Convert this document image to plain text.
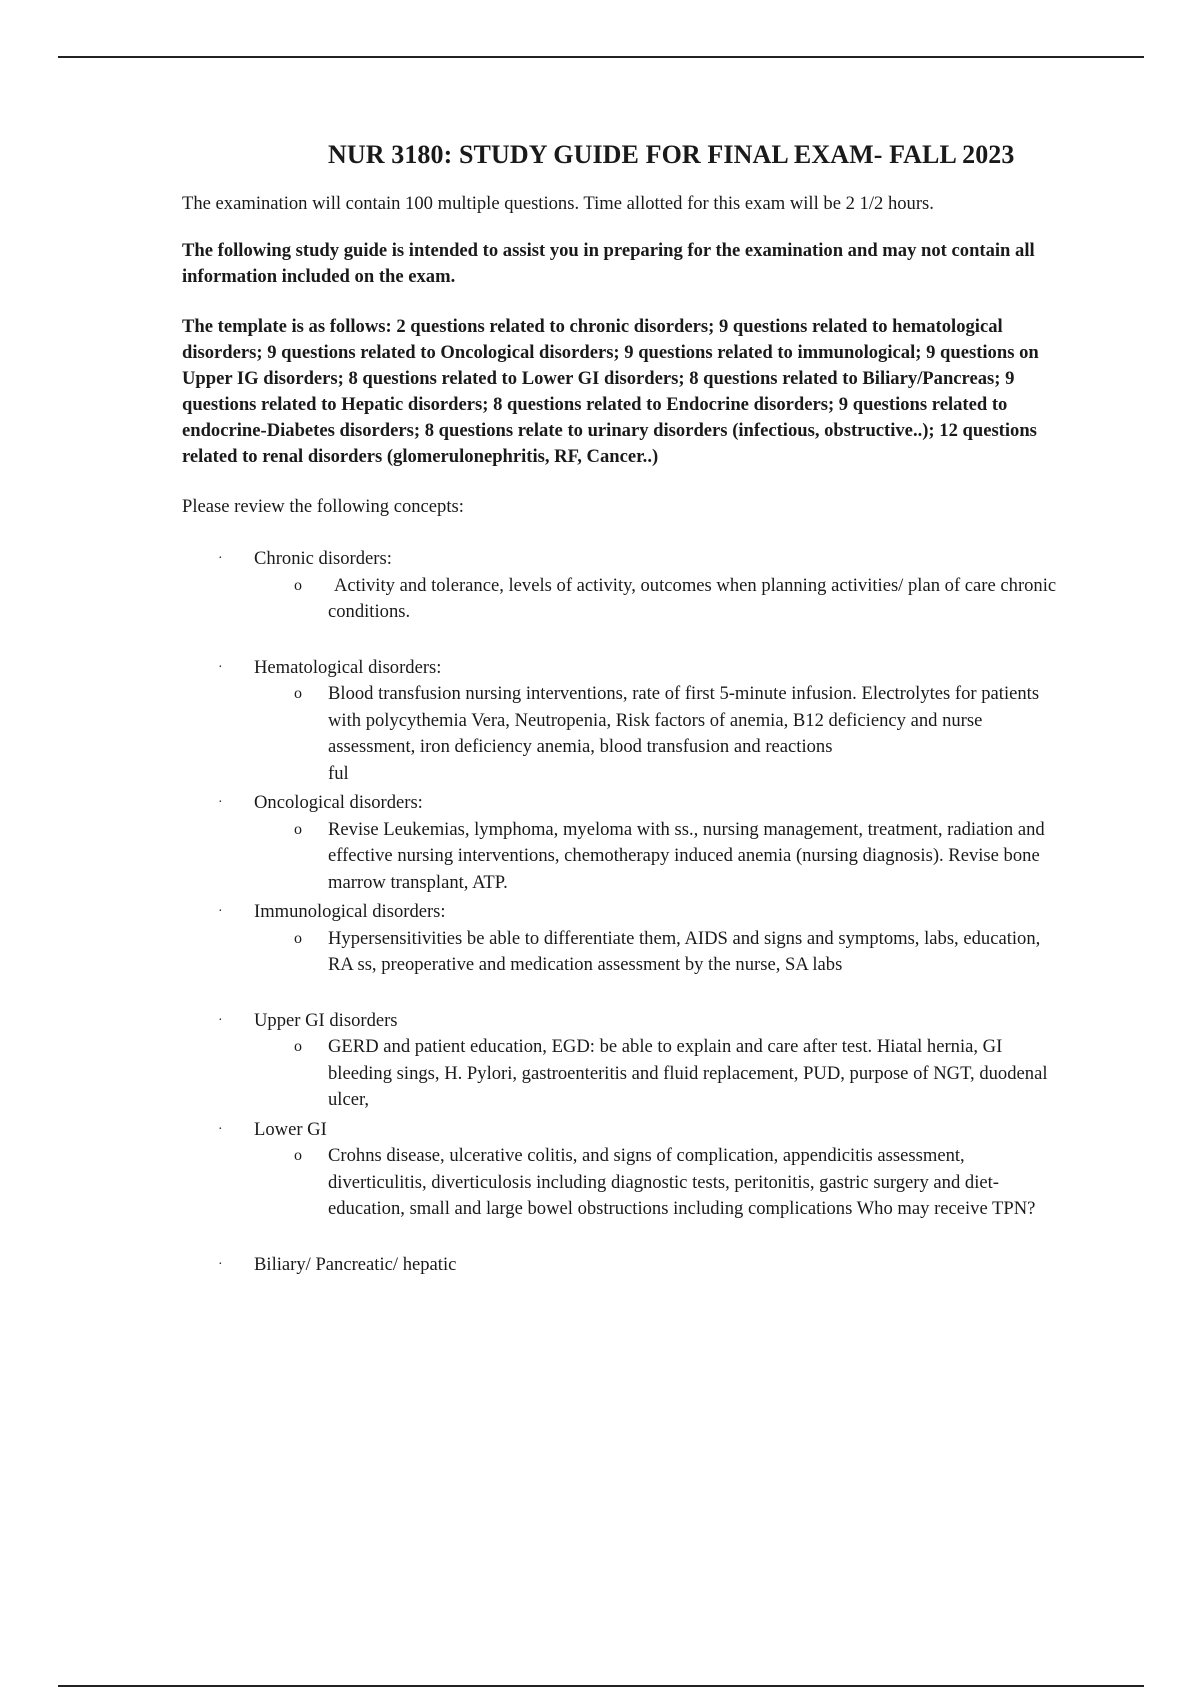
NUR 3180: STUDY GUIDE FOR FINAL EXAM- FALL 2023

The examination will contain 100 multiple questions. Time allotted for this exam will be 2 1/2 hours.

The following study guide is intended to assist you in preparing for the examination and may not contain all information included on the exam.

The template is as follows: 2 questions related to chronic disorders; 9 questions related to hematological disorders; 9 questions related to Oncological disorders; 9 questions related to immunological; 9 questions on Upper IG disorders; 8 questions related to Lower GI disorders; 8 questions related to Biliary/Pancreas; 9 questions related to Hepatic disorders; 8 questions related to Endocrine disorders; 9 questions related to endocrine-Diabetes disorders; 8 questions relate to urinary disorders (infectious, obstructive..); 12 questions related to renal disorders (glomerulonephritis, RF, Cancer..)

Please review the following concepts:

· Chronic disorders:
o	Activity and tolerance, levels of activity, outcomes when planning activities/ plan of care chronic conditions.
· Hematological disorders:
o Blood transfusion nursing interventions, rate of first 5-minute infusion. Electrolytes for patients with polycythemia Vera, Neutropenia, Risk factors of anemia, B12 deficiency and nurse assessment, iron deficiency anemia, blood transfusion and reactions
ful
· Oncological disorders:
o Revise Leukemias, lymphoma, myeloma with ss., nursing management, treatment, radiation and effective nursing interventions, chemotherapy induced anemia (nursing diagnosis). Revise bone marrow transplant, ATP.
· Immunological disorders:
o Hypersensitivities be able to differentiate them, AIDS and signs and symptoms, labs, education, RA ss, preoperative and medication assessment by the nurse, SA labs
· Upper GI disorders
o GERD and patient education, EGD: be able to explain and care after test. Hiatal hernia, GI bleeding sings, H. Pylori, gastroenteritis and fluid replacement, PUD, purpose of NGT, duodenal ulcer,
· Lower GI
o Crohns disease, ulcerative colitis, and signs of complication, appendicitis assessment, diverticulitis, diverticulosis including diagnostic tests, peritonitis, gastric surgery and diet- education, small and large bowel obstructions including complications Who may receive TPN?
· Biliary/ Pancreatic/ hepatic
